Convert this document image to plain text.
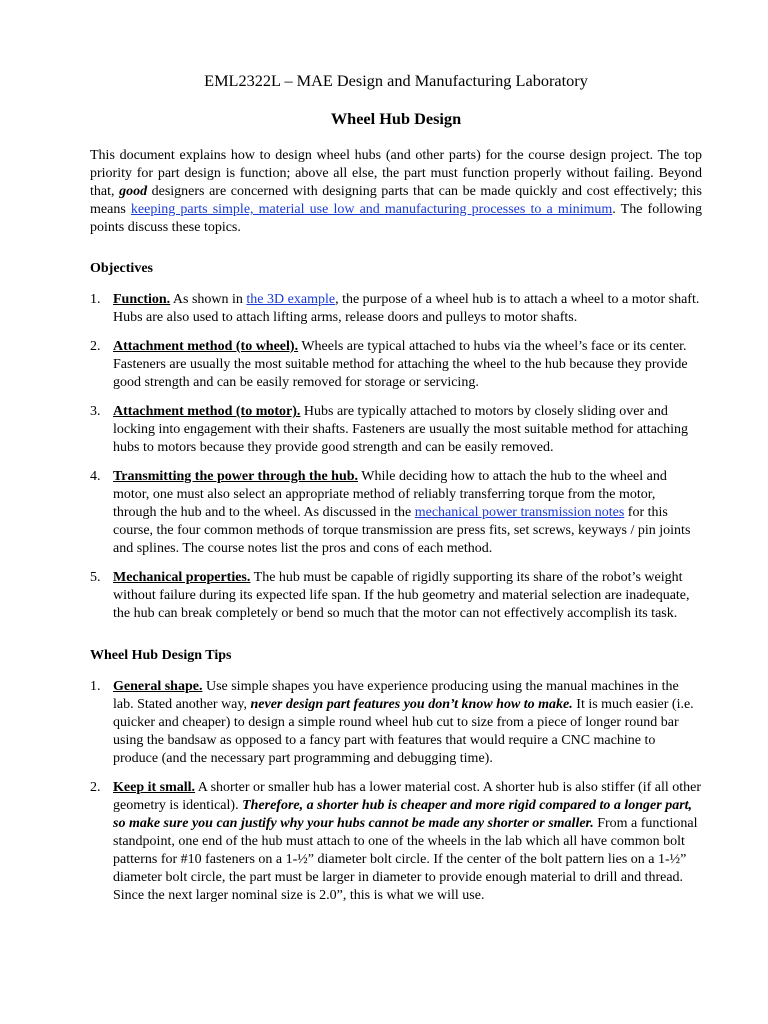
EML2322L – MAE Design and Manufacturing Laboratory
Wheel Hub Design

This document explains how to design wheel hubs (and other parts) for the course design project. The top priority for part design is function; above all else, the part must function properly without failing. Beyond that, good designers are concerned with designing parts that can be made quickly and cost effectively; this means keeping parts simple, material use low and manufacturing processes to a minimum. The following points discuss these topics.

Objectives
1. Function. As shown in the 3D example, the purpose of a wheel hub is to attach a wheel to a motor shaft. Hubs are also used to attach lifting arms, release doors and pulleys to motor shafts.
2. Attachment method (to wheel). Wheels are typical attached to hubs via the wheel’s face or its center. Fasteners are usually the most suitable method for attaching the wheel to the hub because they provide good strength and can be easily removed for storage or servicing.
3. Attachment method (to motor). Hubs are typically attached to motors by closely sliding over and locking into engagement with their shafts. Fasteners are usually the most suitable method for attaching hubs to motors because they provide good strength and can be easily removed.
4. Transmitting the power through the hub. While deciding how to attach the hub to the wheel and motor, one must also select an appropriate method of reliably transferring torque from the motor, through the hub and to the wheel. As discussed in the mechanical power transmission notes for this course, the four common methods of torque transmission are press fits, set screws, keyways / pin joints and splines. The course notes list the pros and cons of each method.
5. Mechanical properties. The hub must be capable of rigidly supporting its share of the robot’s weight without failure during its expected life span. If the hub geometry and material selection are inadequate, the hub can break completely or bend so much that the motor can not effectively accomplish its task.
Wheel Hub Design Tips
1. General shape. Use simple shapes you have experience producing using the manual machines in the lab. Stated another way, never design part features you don’t know how to make. It is much easier (i.e. quicker and cheaper) to design a simple round wheel hub cut to size from a piece of longer round bar using the bandsaw as opposed to a fancy part with features that would require a CNC machine to produce (and the necessary part programming and debugging time).
2. Keep it small. A shorter or smaller hub has a lower material cost. A shorter hub is also stiffer (if all other geometry is identical). Therefore, a shorter hub is cheaper and more rigid compared to a longer part, so make sure you can justify why your hubs cannot be made any shorter or smaller. From a functional standpoint, one end of the hub must attach to one of the wheels in the lab which all have common bolt patterns for #10 fasteners on a 1-½” diameter bolt circle. If the center of the bolt pattern lies on a 1-½” diameter bolt circle, the part must be larger in diameter to provide enough material to drill and thread. Since the next larger nominal size is 2.0”, this is what we will use.
